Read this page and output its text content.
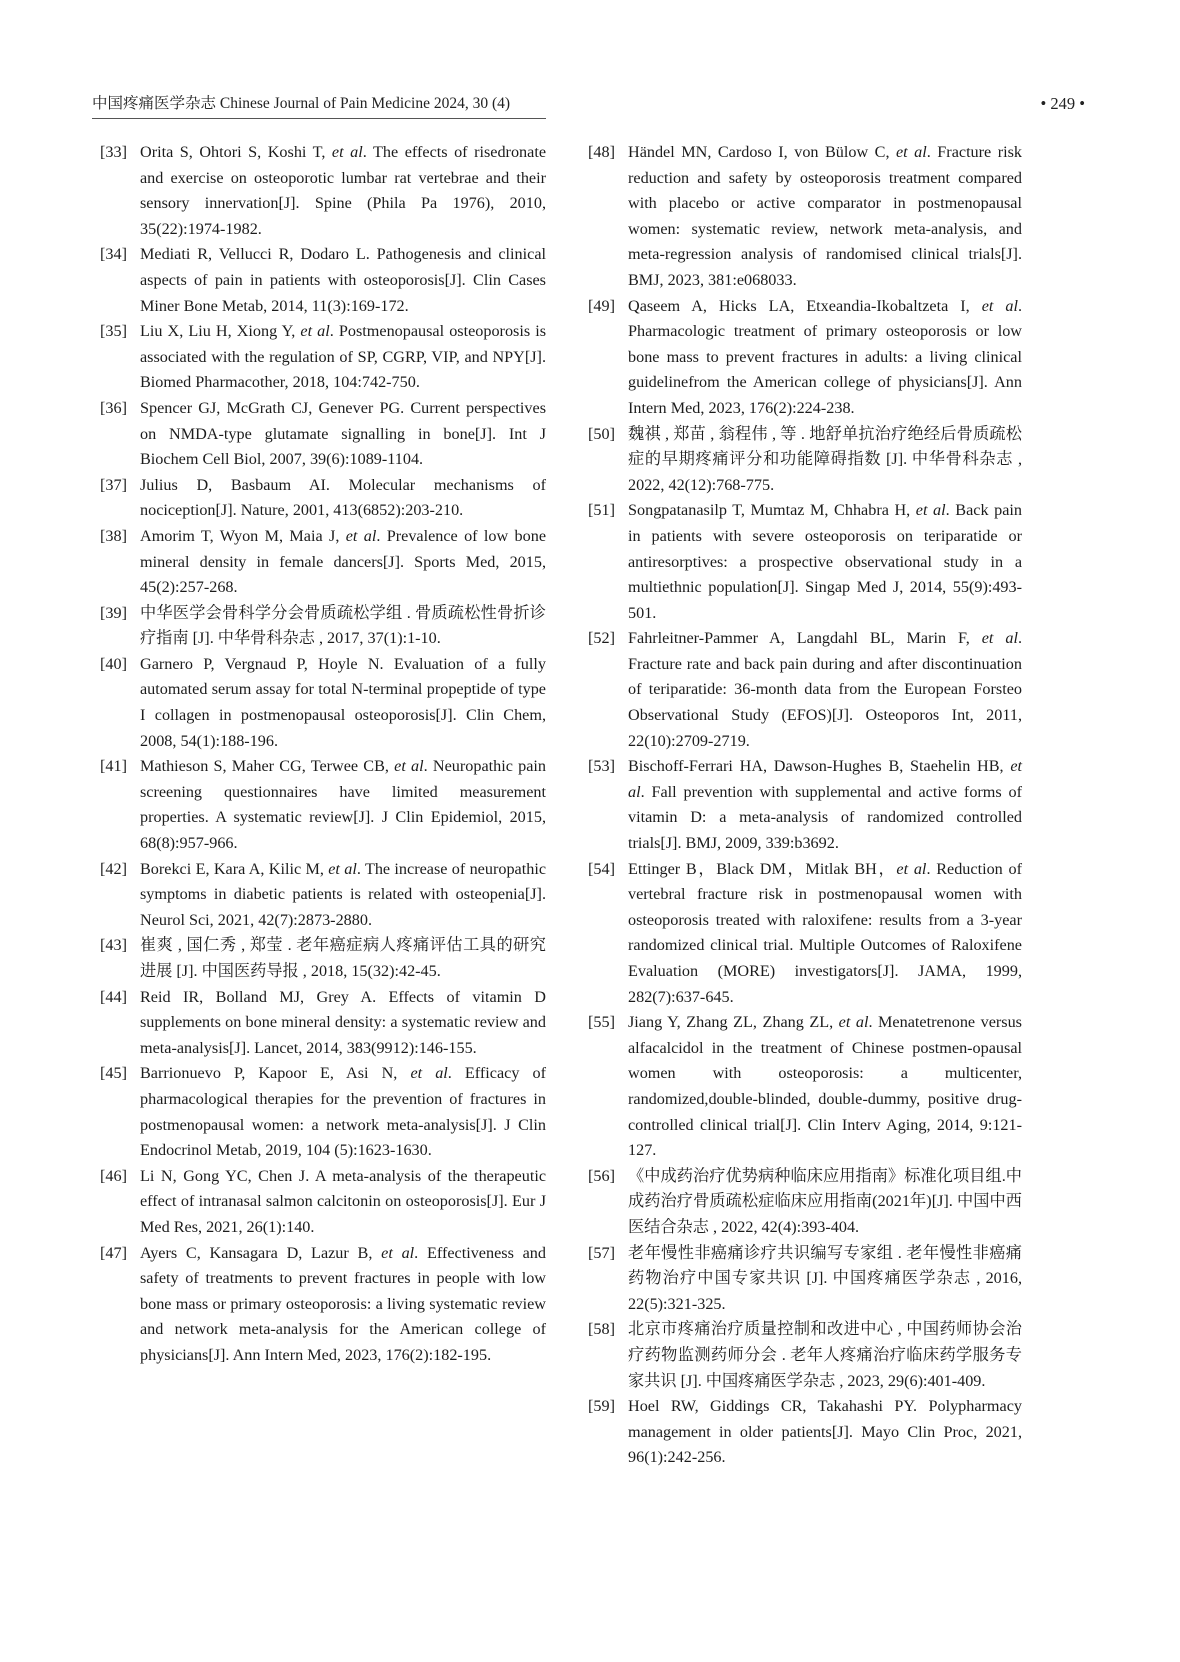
中国疼痛医学杂志 Chinese Journal of Pain Medicine 2024, 30 (4)	• 249 •
[33] Orita S, Ohtori S, Koshi T, et al. The effects of risedronate and exercise on osteoporotic lumbar rat vertebrae and their sensory innervation[J]. Spine (Phila Pa 1976), 2010, 35(22):1974-1982.
[34] Mediati R, Vellucci R, Dodaro L. Pathogenesis and clinical aspects of pain in patients with osteoporosis[J]. Clin Cases Miner Bone Metab, 2014, 11(3):169-172.
[35] Liu X, Liu H, Xiong Y, et al. Postmenopausal osteoporosis is associated with the regulation of SP, CGRP, VIP, and NPY[J]. Biomed Pharmacother, 2018, 104:742-750.
[36] Spencer GJ, McGrath CJ, Genever PG. Current perspectives on NMDA-type glutamate signalling in bone[J]. Int J Biochem Cell Biol, 2007, 39(6):1089-1104.
[37] Julius D, Basbaum AI. Molecular mechanisms of nociception[J]. Nature, 2001, 413(6852):203-210.
[38] Amorim T, Wyon M, Maia J, et al. Prevalence of low bone mineral density in female dancers[J]. Sports Med, 2015, 45(2):257-268.
[39] 中华医学会骨科学分会骨质疏松学组 . 骨质疏松性骨折诊疗指南 [J]. 中华骨科杂志 , 2017, 37(1):1-10.
[40] Garnero P, Vergnaud P, Hoyle N. Evaluation of a fully automated serum assay for total N-terminal propeptide of type I collagen in postmenopausal osteoporosis[J]. Clin Chem, 2008, 54(1):188-196.
[41] Mathieson S, Maher CG, Terwee CB, et al. Neuropathic pain screening questionnaires have limited measurement properties. A systematic review[J]. J Clin Epidemiol, 2015, 68(8):957-966.
[42] Borekci E, Kara A, Kilic M, et al. The increase of neuropathic symptoms in diabetic patients is related with osteopenia[J]. Neurol Sci, 2021, 42(7):2873-2880.
[43] 崔爽 , 国仁秀 , 郑莹 . 老年癌症病人疼痛评估工具的研究进展 [J]. 中国医药导报 , 2018, 15(32):42-45.
[44] Reid IR, Bolland MJ, Grey A. Effects of vitamin D supplements on bone mineral density: a systematic review and meta-analysis[J]. Lancet, 2014, 383(9912):146-155.
[45] Barrionuevo P, Kapoor E, Asi N, et al. Efficacy of pharmacological therapies for the prevention of fractures in postmenopausal women: a network meta-analysis[J]. J Clin Endocrinol Metab, 2019, 104 (5):1623-1630.
[46] Li N, Gong YC, Chen J. A meta-analysis of the therapeutic effect of intranasal salmon calcitonin on osteoporosis[J]. Eur J Med Res, 2021, 26(1):140.
[47] Ayers C, Kansagara D, Lazur B, et al. Effectiveness and safety of treatments to prevent fractures in people with low bone mass or primary osteoporosis: a living systematic review and network meta-analysis for the American college of physicians[J]. Ann Intern Med, 2023, 176(2):182-195.
[48] Händel MN, Cardoso I, von Bülow C, et al. Fracture risk reduction and safety by osteoporosis treatment compared with placebo or active comparator in postmenopausal women: systematic review, network meta-analysis, and meta-regression analysis of randomised clinical trials[J]. BMJ, 2023, 381:e068033.
[49] Qaseem A, Hicks LA, Etxeandia-Ikobaltzeta I, et al. Pharmacologic treatment of primary osteoporosis or low bone mass to prevent fractures in adults: a living clinical guidelinefrom the American college of physicians[J]. Ann Intern Med, 2023, 176(2):224-238.
[50] 魏祺 , 郑苗 , 翁程伟 , 等 . 地舒单抗治疗绝经后骨质疏松症的早期疼痛评分和功能障碍指数 [J]. 中华骨科杂志 , 2022, 42(12):768-775.
[51] Songpatanasilp T, Mumtaz M, Chhabra H, et al. Back pain in patients with severe osteoporosis on teriparatide or antiresorptives: a prospective observational study in a multiethnic population[J]. Singap Med J, 2014, 55(9):493-501.
[52] Fahrleitner-Pammer A, Langdahl BL, Marin F, et al. Fracture rate and back pain during and after discontinuation of teriparatide: 36-month data from the European Forsteo Observational Study (EFOS)[J]. Osteoporos Int, 2011, 22(10):2709-2719.
[53] Bischoff-Ferrari HA, Dawson-Hughes B, Staehelin HB, et al. Fall prevention with supplemental and active forms of vitamin D: a meta-analysis of randomized controlled trials[J]. BMJ, 2009, 339:b3692.
[54] Ettinger B，Black DM，Mitlak BH，et al. Reduction of vertebral fracture risk in postmenopausal women with osteoporosis treated with raloxifene: results from a 3-year randomized clinical trial. Multiple Outcomes of Raloxifene Evaluation (MORE) investigators[J]. JAMA, 1999, 282(7):637-645.
[55] Jiang Y, Zhang ZL, Zhang ZL, et al. Menatetrenone versus alfacalcidol in the treatment of Chinese postmen-opausal women with osteoporosis: a multicenter, randomized,double-blinded, double-dummy, positive drug-controlled clinical trial[J]. Clin Interv Aging, 2014, 9:121-127.
[56] 《中成药治疗优势病种临床应用指南》标准化项目组.中成药治疗骨质疏松症临床应用指南(2021年)[J]. 中国中西医结合杂志 , 2022, 42(4):393-404.
[57] 老年慢性非癌痛诊疗共识编写专家组 . 老年慢性非癌痛药物治疗中国专家共识 [J]. 中国疼痛医学杂志 , 2016, 22(5):321-325.
[58] 北京市疼痛治疗质量控制和改进中心 , 中国药师协会治疗药物监测药师分会 . 老年人疼痛治疗临床药学服务专家共识 [J]. 中国疼痛医学杂志 , 2023, 29(6):401-409.
[59] Hoel RW, Giddings CR, Takahashi PY. Polypharmacy management in older patients[J]. Mayo Clin Proc, 2021, 96(1):242-256.
